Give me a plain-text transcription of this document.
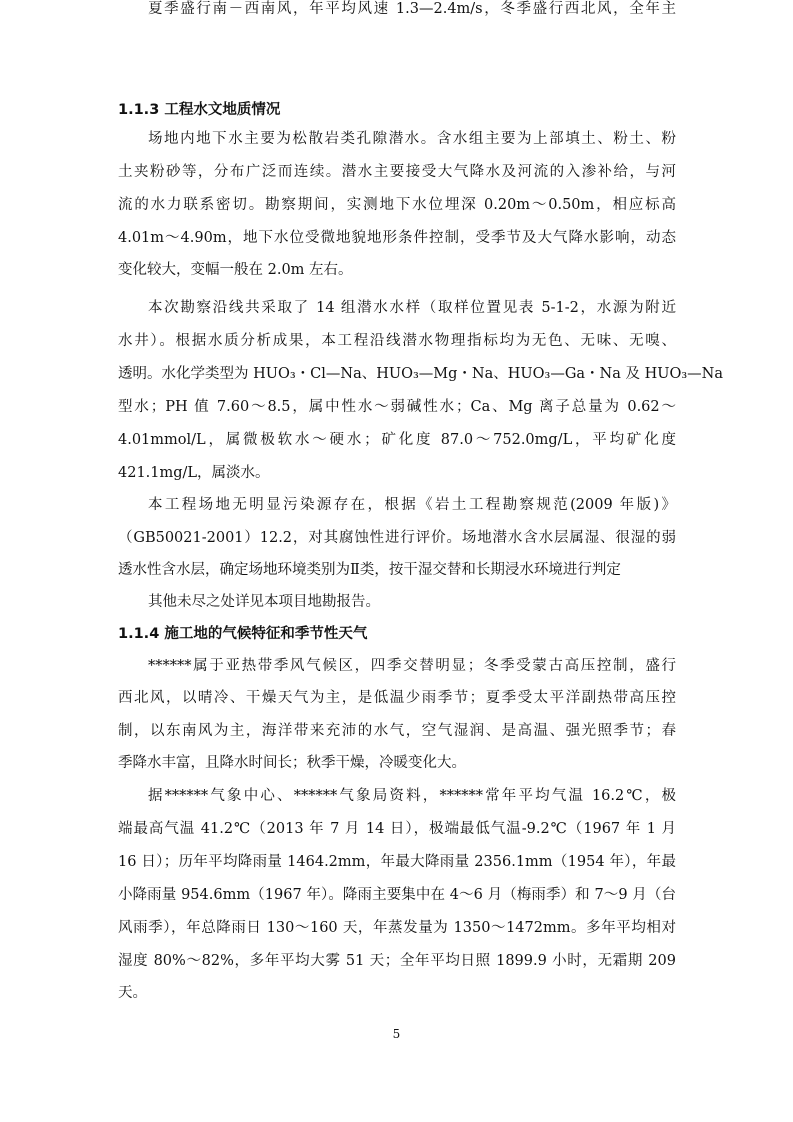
1.1.3 工程水文地质情况
场地内地下水主要为松散岩类孔隙潜水。含水组主要为上部填土、粉土、粉
土夹粉砂等，分布广泛而连续。潜水主要接受大气降水及河流的入渗补给，与河
流的水力联系密切。勘察期间，实测地下水位埋深 0.20m～0.50m，相应标高
4.01m～4.90m，地下水位受微地貌地形条件控制，受季节及大气降水影响，动态
变化较大，变幅一般在 2.0m 左右。
本次勘察沿线共采取了 14 组潜水水样（取样位置见表 5-1-2，水源为附近
水井）。根据水质分析成果，本工程沿线潜水物理指标均为无色、无味、无嗅、
透明。水化学类型为 HUO₃・Cl—Na、HUO₃—Mg・Na、HUO₃—Ga・Na 及 HUO₃—Na
型水；PH 值 7.60～8.5，属中性水～弱碱性水；Ca、Mg 离子总量为 0.62～
4.01mmol/L，属微极软水～硬水；矿化度 87.0～752.0mg/L，平均矿化度
421.1mg/L，属淡水。
本工程场地无明显污染源存在，根据《岩土工程勘察规范(2009 年版)》
（GB50021-2001）12.2，对其腐蚀性进行评价。场地潜水含水层属湿、很湿的弱
透水性含水层，确定场地环境类别为Ⅱ类，按干湿交替和长期浸水环境进行判定
其他未尽之处详见本项目地勘报告。
1.1.4 施工地的气候特征和季节性天气
******属于亚热带季风气候区，四季交替明显；冬季受蒙古高压控制，盛行
西北风，以晴冷、干燥天气为主，是低温少雨季节；夏季受太平洋副热带高压控
制，以东南风为主，海洋带来充沛的水气，空气湿润、是高温、强光照季节；春
季降水丰富，且降水时间长；秋季干燥，冷暖变化大。
据******气象中心、******气象局资料，******常年平均气温 16.2℃，极
端最高气温 41.2℃（2013 年 7 月 14 日），极端最低气温-9.2℃（1967 年 1 月
16 日）；历年平均降雨量 1464.2mm，年最大降雨量 2356.1mm（1954 年），年最
小降雨量 954.6mm（1967 年）。降雨主要集中在 4～6 月（梅雨季）和 7～9 月（台
风雨季），年总降雨日 130～160 天，年蒸发量为 1350～1472mm。多年平均相对
湿度 80%～82%，多年平均大雾 51 天；全年平均日照 1899.9 小时，无霜期 209
天。
夏季盛行南－西南风，年平均风速 1.3—2.4m/s，冬季盛行西北风，全年主
5
